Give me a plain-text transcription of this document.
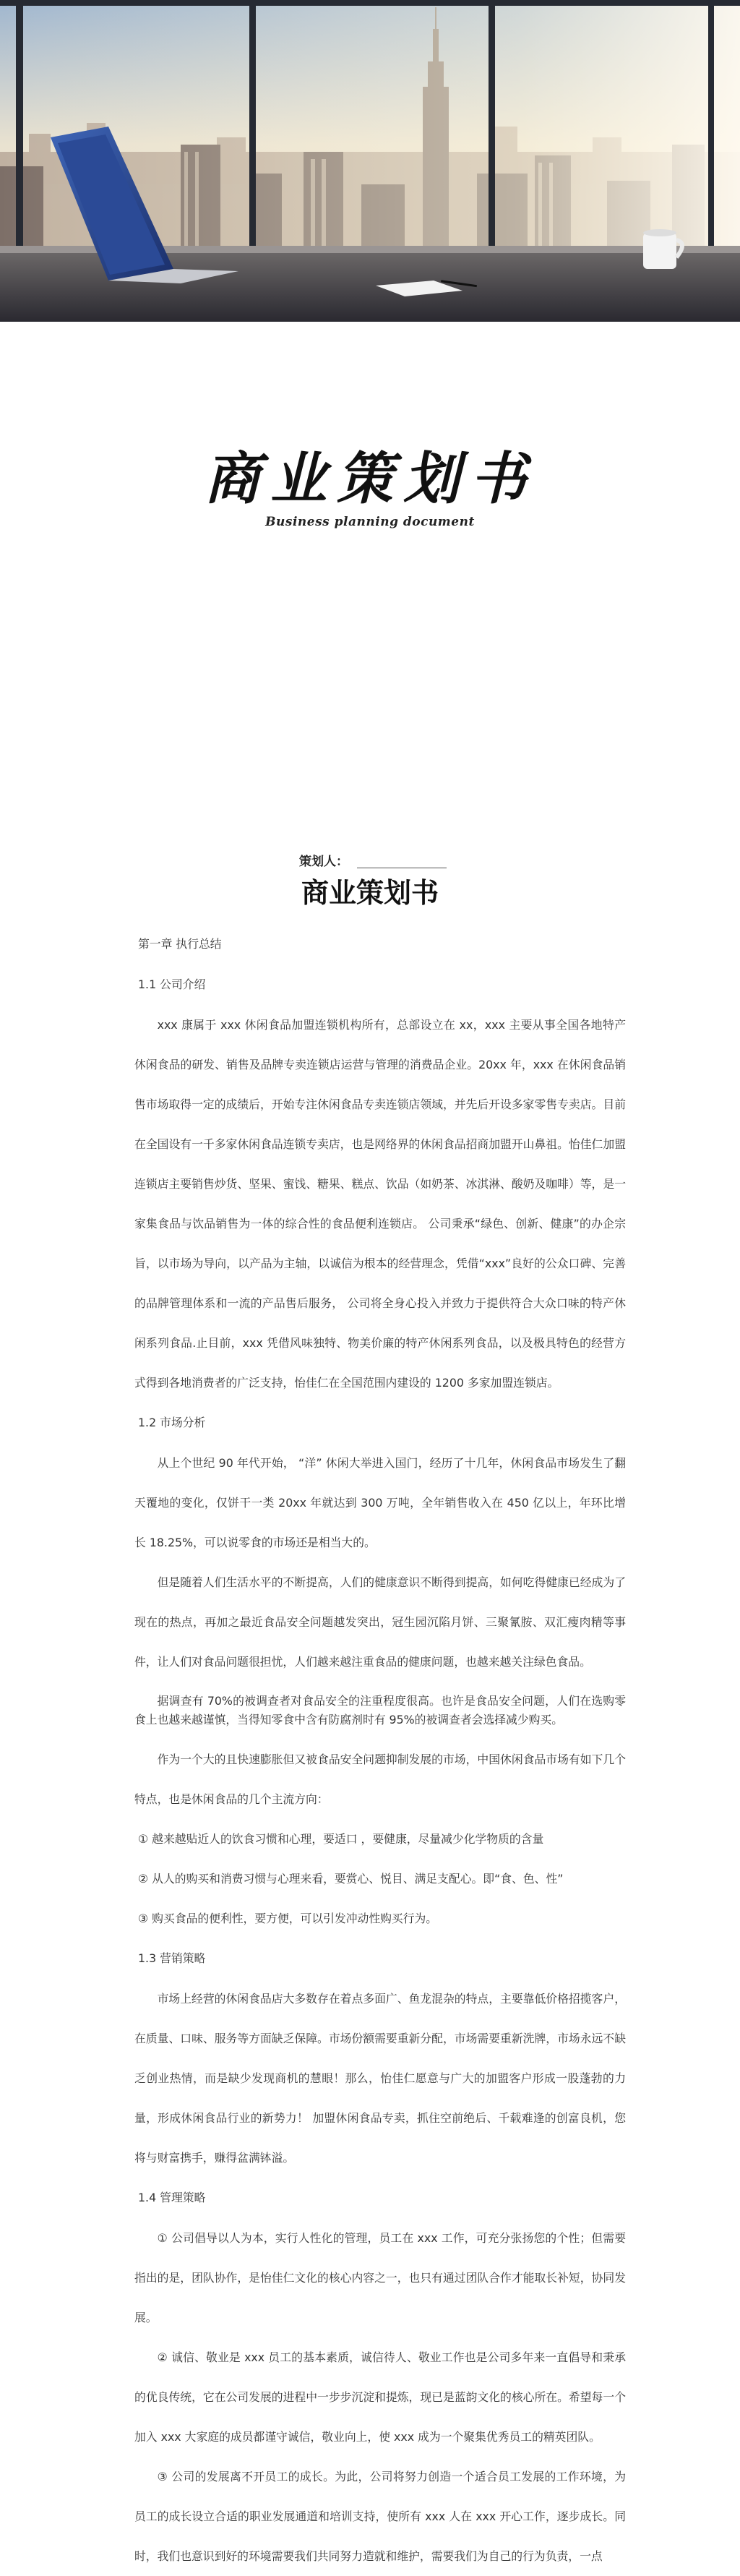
商业策划书
Business planning document
策划人：
商业策划书
第一章 执行总结
1.1 公司介绍

xxx 康属于 xxx 休闲食品加盟连锁机构所有，总部设立在 xx，xxx 主要从事全国各地特产休闲食品的研发、销售及品牌专卖连锁店运营与管理的消费品企业。20xx 年，xxx 在休闲食品销售市场取得一定的成绩后，开始专注休闲食品专卖连锁店领域，并先后开设多家零售专卖店。目前在全国设有一千多家休闲食品连锁专卖店，也是网络界的休闲食品招商加盟开山鼻祖。怡佳仁加盟连锁店主要销售炒货、坚果、蜜饯、糖果、糕点、饮品（如奶茶、冰淇淋、酸奶及咖啡）等，是一家集食品与饮品销售为一体的综合性的食品便利连锁店。 公司秉承“绿色、创新、健康”的办企宗旨，以市场为导向，以产品为主轴，以诚信为根本的经营理念，凭借“xxx”良好的公众口碑、完善的品牌管理体系和一流的产品售后服务， 公司将全身心投入并致力于提供符合大众口味的特产休闲系列食品.止目前，xxx 凭借风味独特、物美价廉的特产休闲系列食品，以及极具特色的经营方式得到各地消费者的广泛支持，怡佳仁在全国范围内建设的 1200 多家加盟连锁店。

1.2 市场分析

从上个世纪 90 年代开始， “洋” 休闲大举进入国门，经历了十几年，休闲食品市场发生了翻天覆地的变化，仅饼干一类 20xx 年就达到 300 万吨，全年销售收入在 450 亿以上，年环比增长 18.25%，可以说零食的市场还是相当大的。

但是随着人们生活水平的不断提高，人们的健康意识不断得到提高，如何吃得健康已经成为了现在的热点，再加之最近食品安全问题越发突出，冠生园沉陷月饼、三聚氰胺、双汇瘦肉精等事件，让人们对食品问题很担忧，人们越来越注重食品的健康问题，也越来越关注绿色食品。

据调查有 70%的被调查者对食品安全的注重程度很高。也许是食品安全问题，人们在选购零食上也越来越谨慎，当得知零食中含有防腐剂时有 95%的被调查者会选择减少购买。

作为一个大的且快速膨胀但又被食品安全问题抑制发展的市场，中国休闲食品市场有如下几个特点，也是休闲食品的几个主流方向：

① 越来越贴近人的饮食习惯和心理，要适口 ，要健康，尽量减少化学物质的含量

② 从人的购买和消费习惯与心理来看，要赏心、悦目、满足支配心。即“食、色、性”

③ 购买食品的便利性，要方便，可以引发冲动性购买行为。

1.3 营销策略

市场上经营的休闲食品店大多数存在着点多面广、鱼龙混杂的特点，主要靠低价格招揽客户，在质量、口味、服务等方面缺乏保障。市场份额需要重新分配，市场需要重新洗牌，市场永远不缺乏创业热情，而是缺少发现商机的慧眼！那么，怡佳仁愿意与广大的加盟客户形成一股蓬勃的力量，形成休闲食品行业的新势力！ 加盟休闲食品专卖，抓住空前绝后、千载难逢的创富良机，您将与财富携手，赚得盆满钵溢。

1.4 管理策略

① 公司倡导以人为本，实行人性化的管理，员工在 xxx 工作，可充分张扬您的个性；但需要指出的是，团队协作，是怡佳仁文化的核心内容之一，也只有通过团队合作才能取长补短，协同发展。

② 诚信、敬业是 xxx 员工的基本素质，诚信待人、敬业工作也是公司多年来一直倡导和秉承的优良传统，它在公司发展的进程中一步步沉淀和提炼，现已是蓝韵文化的核心所在。希望每一个加入 xxx 大家庭的成员都谨守诚信，敬业向上，使 xxx 成为一个聚集优秀员工的精英团队。

③ 公司的发展离不开员工的成长。为此，公司将努力创造一个适合员工发展的工作环境，为员工的成长设立合适的职业发展通道和培训支持，使所有 xxx 人在 xxx 开心工作，逐步成长。同时，我们也意识到好的环境需要我们共同努力造就和维护，需要我们为自己的行为负责，一点
